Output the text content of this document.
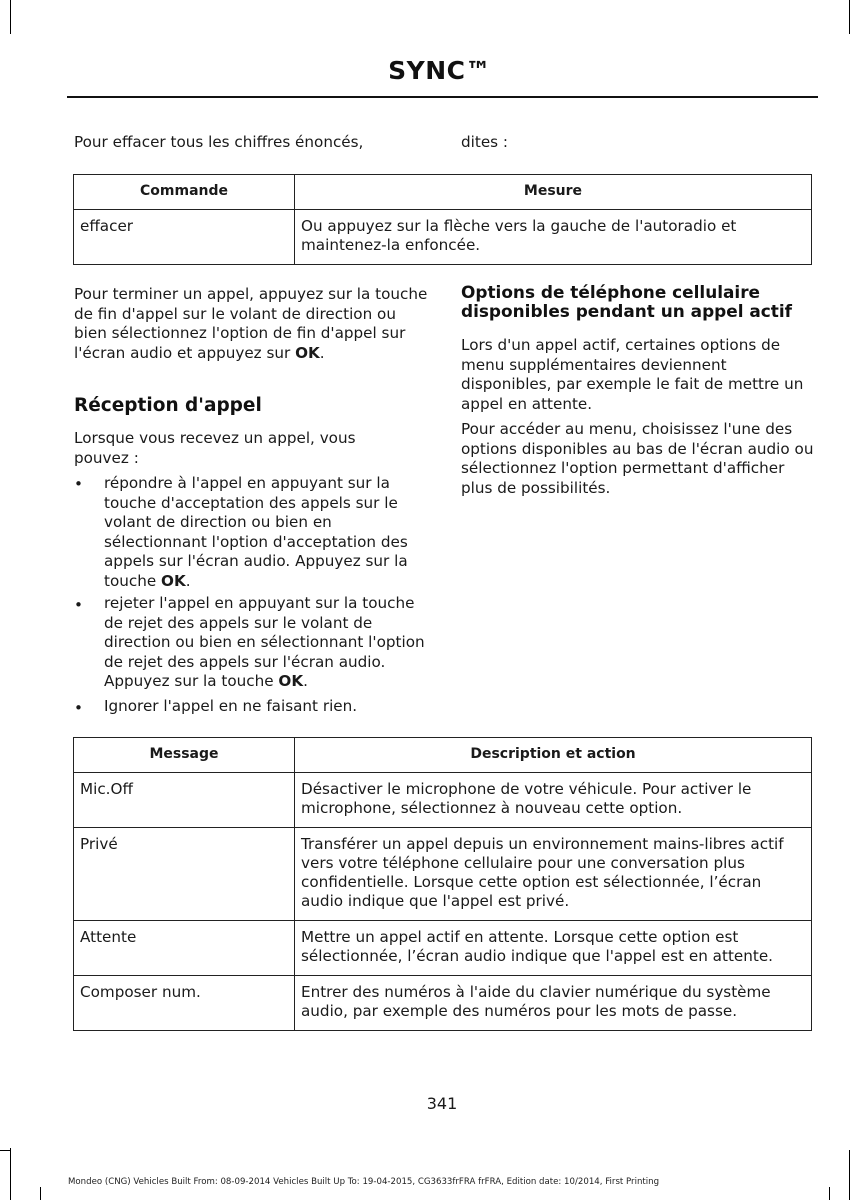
SYNC™

Pour effacer tous les chiffres énoncés,	dites :

Commande	Mesure
effacer	Ou appuyez sur la flèche vers la gauche de l'autoradio et maintenez-la enfoncée.

Pour terminer un appel, appuyez sur la touche de fin d'appel sur le volant de direction ou bien sélectionnez l'option de fin d'appel sur l'écran audio et appuyez sur OK.

Réception d'appel

Lorsque vous recevez un appel, vous pouvez :

• répondre à l'appel en appuyant sur la touche d'acceptation des appels sur le volant de direction ou bien en sélectionnant l'option d'acceptation des appels sur l'écran audio. Appuyez sur la touche OK.

• rejeter l'appel en appuyant sur la touche de rejet des appels sur le volant de direction ou bien en sélectionnant l'option de rejet des appels sur l'écran audio. Appuyez sur la touche OK.

• Ignorer l'appel en ne faisant rien.

Options de téléphone cellulaire disponibles pendant un appel actif

Lors d'un appel actif, certaines options de menu supplémentaires deviennent disponibles, par exemple le fait de mettre un appel en attente.

Pour accéder au menu, choisissez l'une des options disponibles au bas de l'écran audio ou sélectionnez l'option permettant d'afficher plus de possibilités.

Message	Description et action
Mic.Off	Désactiver le microphone de votre véhicule. Pour activer le microphone, sélectionnez à nouveau cette option.
Privé	Transférer un appel depuis un environnement mains-libres actif vers votre téléphone cellulaire pour une conversation plus confidentielle. Lorsque cette option est sélectionnée, l’écran audio indique que l'appel est privé.
Attente	Mettre un appel actif en attente. Lorsque cette option est sélectionnée, l’écran audio indique que l'appel est en attente.
Composer num.	Entrer des numéros à l'aide du clavier numérique du système audio, par exemple des numéros pour les mots de passe.
341
Mondeo (CNG) Vehicles Built From: 08-09-2014 Vehicles Built Up To: 19-04-2015, CG3633frFRA frFRA, Edition date: 10/2014, First Printing
